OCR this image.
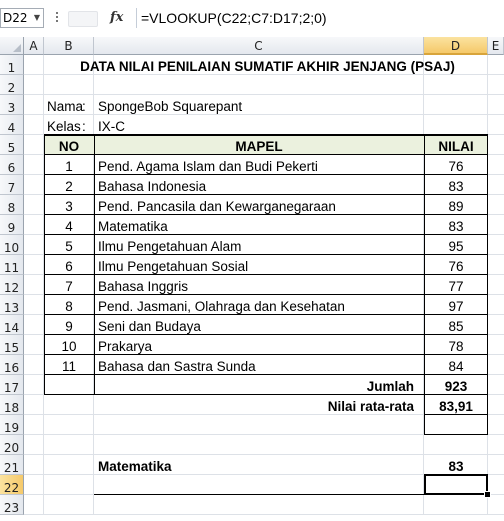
D22 ▼	fx	=VLOOKUP(C22;C7:D17;2;0)
A	B	C	D	E
1
2
3
4
5
6
7
8
9
10
11
12
13
14
15
16
17
18
19
20
21
22
23
DATA NILAI PENILAIAN SUMATIF AKHIR JENJANG (PSAJ)
Nama
: SpongeBob Squarepant
Kelas : IX-C
NO	MAPEL	NILAI
1	Pend. Agama Islam dan Budi Pekerti	76
2	Bahasa Indonesia	83
3	Pend. Pancasila dan Kewarganegaraan	89
4	Matematika	83
5	Ilmu Pengetahuan Alam	95
6	Ilmu Pengetahuan Sosial	76
7	Bahasa Inggris	77
8	Pend. Jasmani, Olahraga dan Kesehatan	97
9	Seni dan Budaya	85
10	Prakarya	78
11	Bahasa dan Sastra Sunda	84
Jumlah	923
Nilai rata-rata	83,91
Matematika	83
